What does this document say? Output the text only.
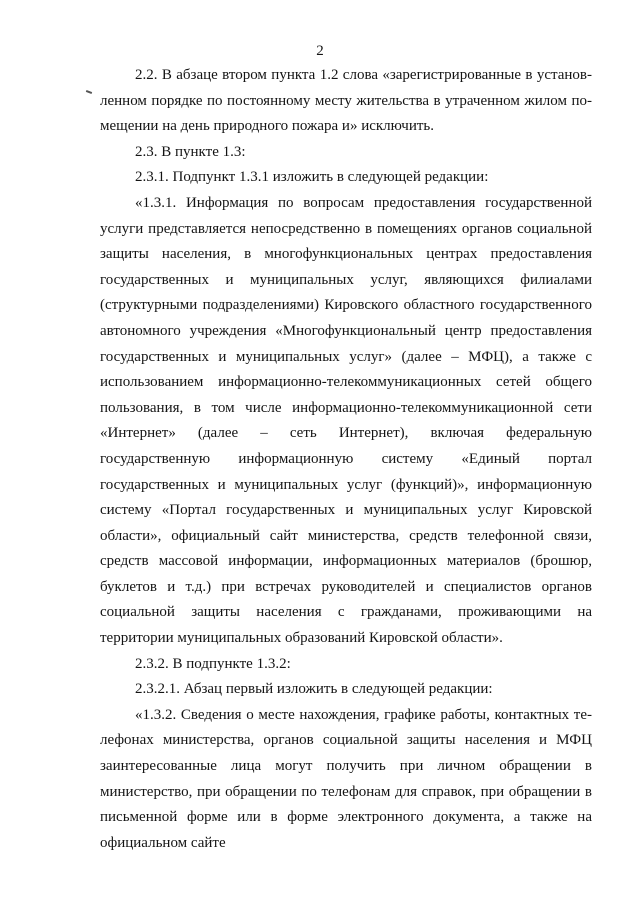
2

2.2. В абзаце втором пункта 1.2 слова «зарегистрированные в установленном порядке по постоянному месту жительства в утраченном жилом помещении на день природного пожара и» исключить.

2.3. В пункте 1.3:

2.3.1. Подпункт 1.3.1 изложить в следующей редакции:

«1.3.1. Информация по вопросам предоставления государственной услуги представляется непосредственно в помещениях органов социальной защиты населения, в многофункциональных центрах предоставления государственных и муниципальных услуг, являющихся филиалами (структурными подразделениями) Кировского областного государственного автономного учреждения «Многофункциональный центр предоставления государственных и муниципальных услуг» (далее – МФЦ), а также с использованием информационно-телекоммуникационных сетей общего пользования, в том числе информационно-телекоммуникационной сети «Интернет» (далее – сеть Интернет), включая федеральную государственную информационную систему «Единый портал государственных и муниципальных услуг (функций)», информационную систему «Портал государственных и муниципальных услуг Кировской области», официальный сайт министерства, средств телефонной связи, средств массовой информации, информационных материалов (брошюр, буклетов и т.д.) при встречах руководителей и специалистов органов социальной защиты населения с гражданами, проживающими на территории муниципальных образований Кировской области».

2.3.2. В подпункте 1.3.2:

2.3.2.1. Абзац первый изложить в следующей редакции:

«1.3.2. Сведения о месте нахождения, графике работы, контактных телефонах министерства, органов социальной защиты населения и МФЦ заинтересованные лица могут получить при личном обращении в министерство, при обращении по телефонам для справок, при обращении в письменной форме или в форме электронного документа, а также на официальном сайте
